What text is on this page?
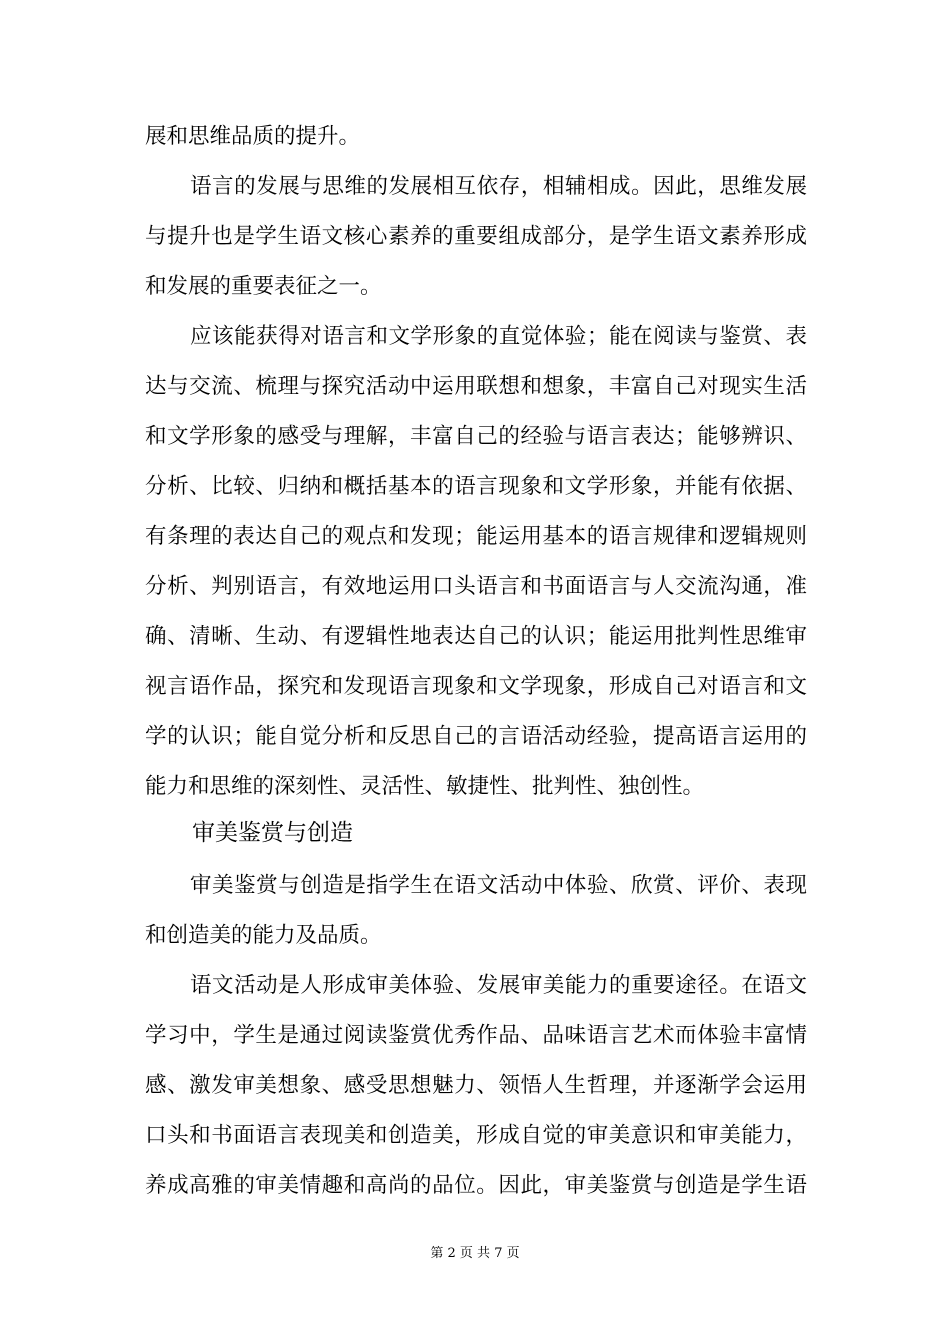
展和思维品质的提升。
语言的发展与思维的发展相互依存，相辅相成。因此，思维发展
与提升也是学生语文核心素养的重要组成部分，是学生语文素养形成
和发展的重要表征之一。
应该能获得对语言和文学形象的直觉体验；能在阅读与鉴赏、表
达与交流、梳理与探究活动中运用联想和想象，丰富自己对现实生活
和文学形象的感受与理解，丰富自己的经验与语言表达；能够辨识、
分析、比较、归纳和概括基本的语言现象和文学形象，并能有依据、
有条理的表达自己的观点和发现；能运用基本的语言规律和逻辑规则
分析、判别语言，有效地运用口头语言和书面语言与人交流沟通，准
确、清晰、生动、有逻辑性地表达自己的认识；能运用批判性思维审
视言语作品，探究和发现语言现象和文学现象，形成自己对语言和文
学的认识；能自觉分析和反思自己的言语活动经验，提高语言运用的
能力和思维的深刻性、灵活性、敏捷性、批判性、独创性。
审美鉴赏与创造
审美鉴赏与创造是指学生在语文活动中体验、欣赏、评价、表现
和创造美的能力及品质。
语文活动是人形成审美体验、发展审美能力的重要途径。在语文
学习中，学生是通过阅读鉴赏优秀作品、品味语言艺术而体验丰富情
感、激发审美想象、感受思想魅力、领悟人生哲理，并逐渐学会运用
口头和书面语言表现美和创造美，形成自觉的审美意识和审美能力，
养成高雅的审美情趣和高尚的品位。因此，审美鉴赏与创造是学生语
第 2 页 共 7 页
